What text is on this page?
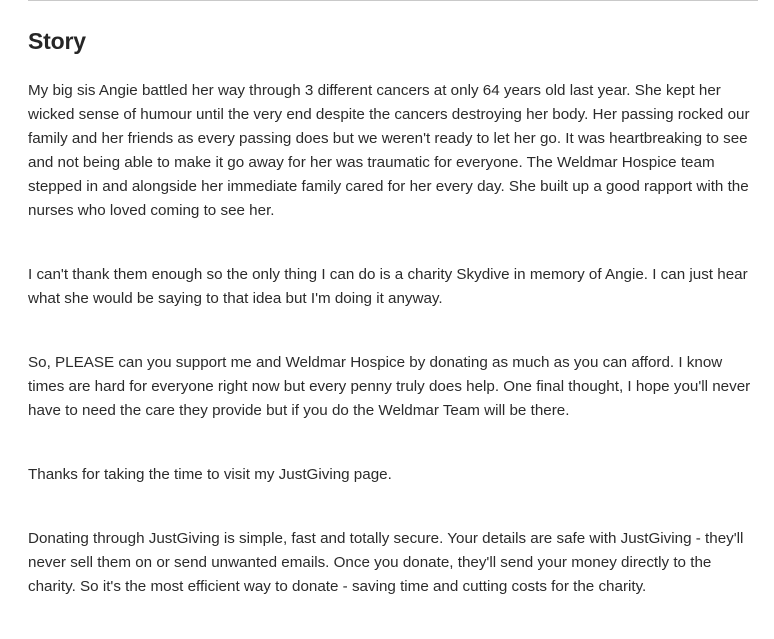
Story

My big sis Angie battled her way through 3 different cancers at only 64 years old last year. She kept her wicked sense of humour until the very end despite the cancers destroying her body. Her passing rocked our family and her friends as every passing does but we weren't ready to let her go. It was heartbreaking to see and not being able to make it go away for her was traumatic for everyone. The Weldmar Hospice team stepped in and alongside her immediate family cared for her every day. She built up a good rapport with the nurses who loved coming to see her.

I can't thank them enough so the only thing I can do is a charity Skydive in memory of Angie. I can just hear what she would be saying to that idea but I'm doing it anyway.

So, PLEASE can you support me and Weldmar Hospice by donating as much as you can afford. I know times are hard for everyone right now but every penny truly does help. One final thought, I hope you'll never have to need the care they provide but if you do the Weldmar Team will be there.

Thanks for taking the time to visit my JustGiving page.

Donating through JustGiving is simple, fast and totally secure. Your details are safe with JustGiving - they'll never sell them on or send unwanted emails. Once you donate, they'll send your money directly to the charity. So it's the most efficient way to donate - saving time and cutting costs for the charity.
